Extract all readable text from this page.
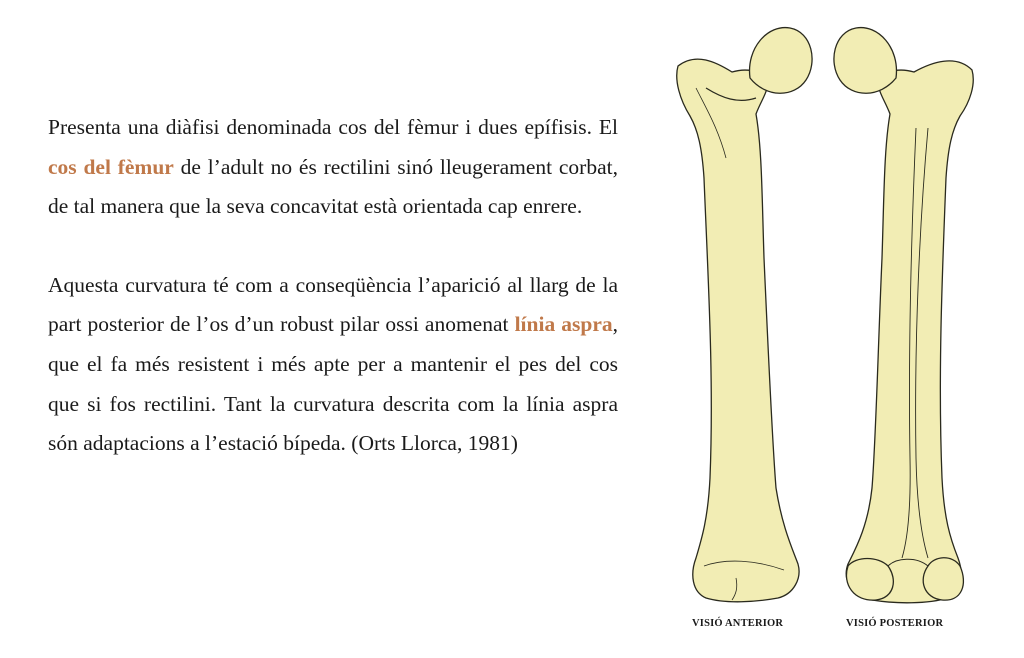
Presenta una diàfisi denominada cos del fèmur i dues epífisis. El cos del fèmur de l’adult no és rectilini sinó lleugerament corbat, de tal manera que la seva concavitat està orientada cap enrere.

Aquesta curvatura té com a conseqüència l’aparició al llarg de la part posterior de l’os d’un robust pilar ossi anomenat línia aspra, que el fa més resistent i més apte per a mantenir el pes del cos que si fos rectilini. Tant la curvatura descrita com la línia aspra són adaptacions a l’estació bípeda. (Orts Llorca, 1981)

VISIÓ ANTERIOR	VISIÓ POSTERIOR
